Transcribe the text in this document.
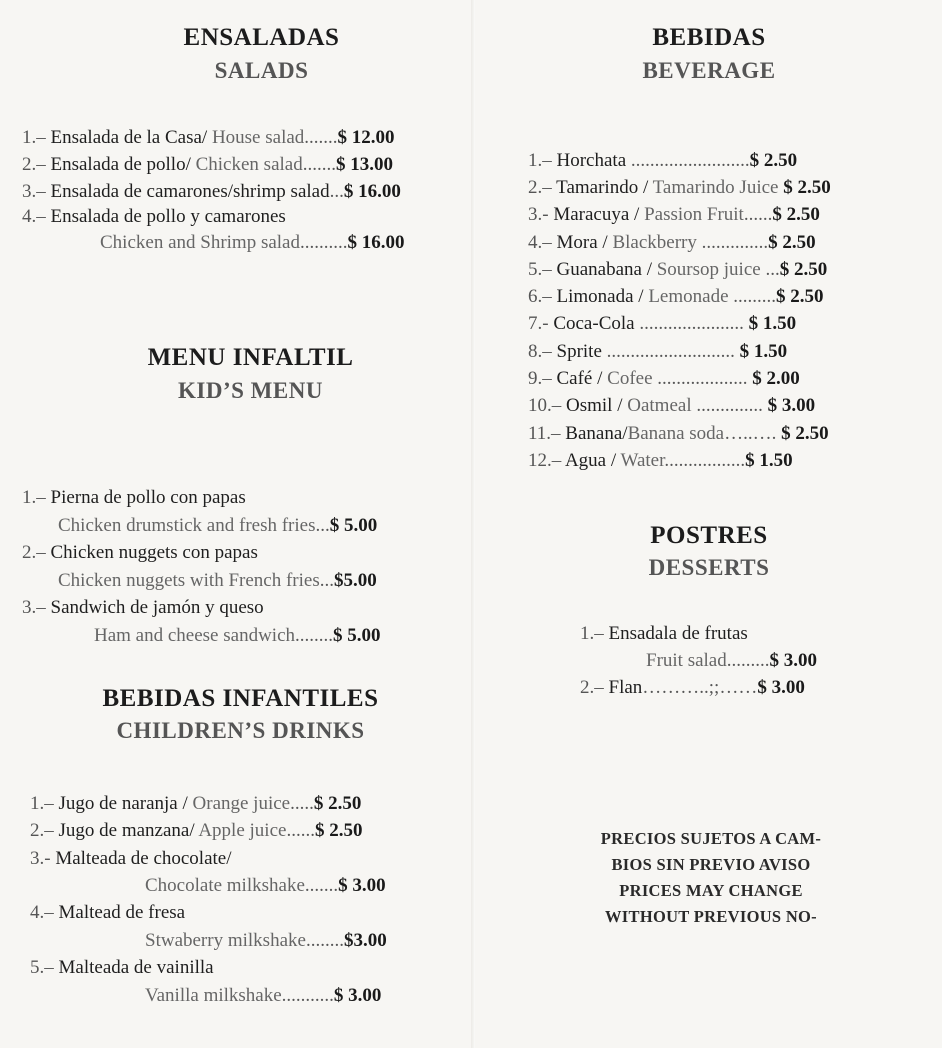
ENSALADAS
SALADS
1.– Ensalada de la Casa/ House salad.......$ 12.00
2.– Ensalada de pollo/ Chicken salad.......$ 13.00
3.– Ensalada de camarones/shrimp salad...$ 16.00
4.– Ensalada de pollo y camarones
Chicken and Shrimp salad..........$ 16.00
MENU INFALTIL
KID’S MENU
1.– Pierna de pollo con papas
Chicken drumstick and fresh fries...$ 5.00
2.– Chicken nuggets con papas
Chicken nuggets with French fries...$5.00
3.– Sandwich de jamón y queso
Ham and cheese sandwich........$ 5.00
BEBIDAS INFANTILES
CHILDREN’S DRINKS
1.– Jugo de naranja / Orange juice.....$ 2.50
2.– Jugo de manzana/ Apple juice......$ 2.50
3.- Malteada de chocolate/
Chocolate milkshake.......$ 3.00
4.– Maltead de fresa
Stwaberry milkshake........$3.00
5.– Malteada de vainilla
Vanilla milkshake...........$ 3.00
BEBIDAS
BEVERAGE
1.– Horchata .........................$ 2.50
2.– Tamarindo / Tamarindo Juice $ 2.50
3.- Maracuya / Passion Fruit......$ 2.50
4.– Mora / Blackberry ..............$ 2.50
5.– Guanabana / Soursop juice ...$ 2.50
6.– Limonada / Lemonade .........$ 2.50
7.- Coca-Cola ...................... $ 1.50
8.– Sprite ........................... $ 1.50
9.– Café / Cofee ................... $ 2.00
10.– Osmil / Oatmeal .............. $ 3.00
11.– Banana/Banana soda…..…. $ 2.50
12.– Agua / Water.................$ 1.50
POSTRES
DESSERTS
1.– Ensadala de frutas
Fruit salad.........$ 3.00
2.– Flan………..;;……$ 3.00
PRECIOS SUJETOS A CAM-
BIOS SIN PREVIO AVISO
PRICES MAY CHANGE
WITHOUT PREVIOUS NO-
